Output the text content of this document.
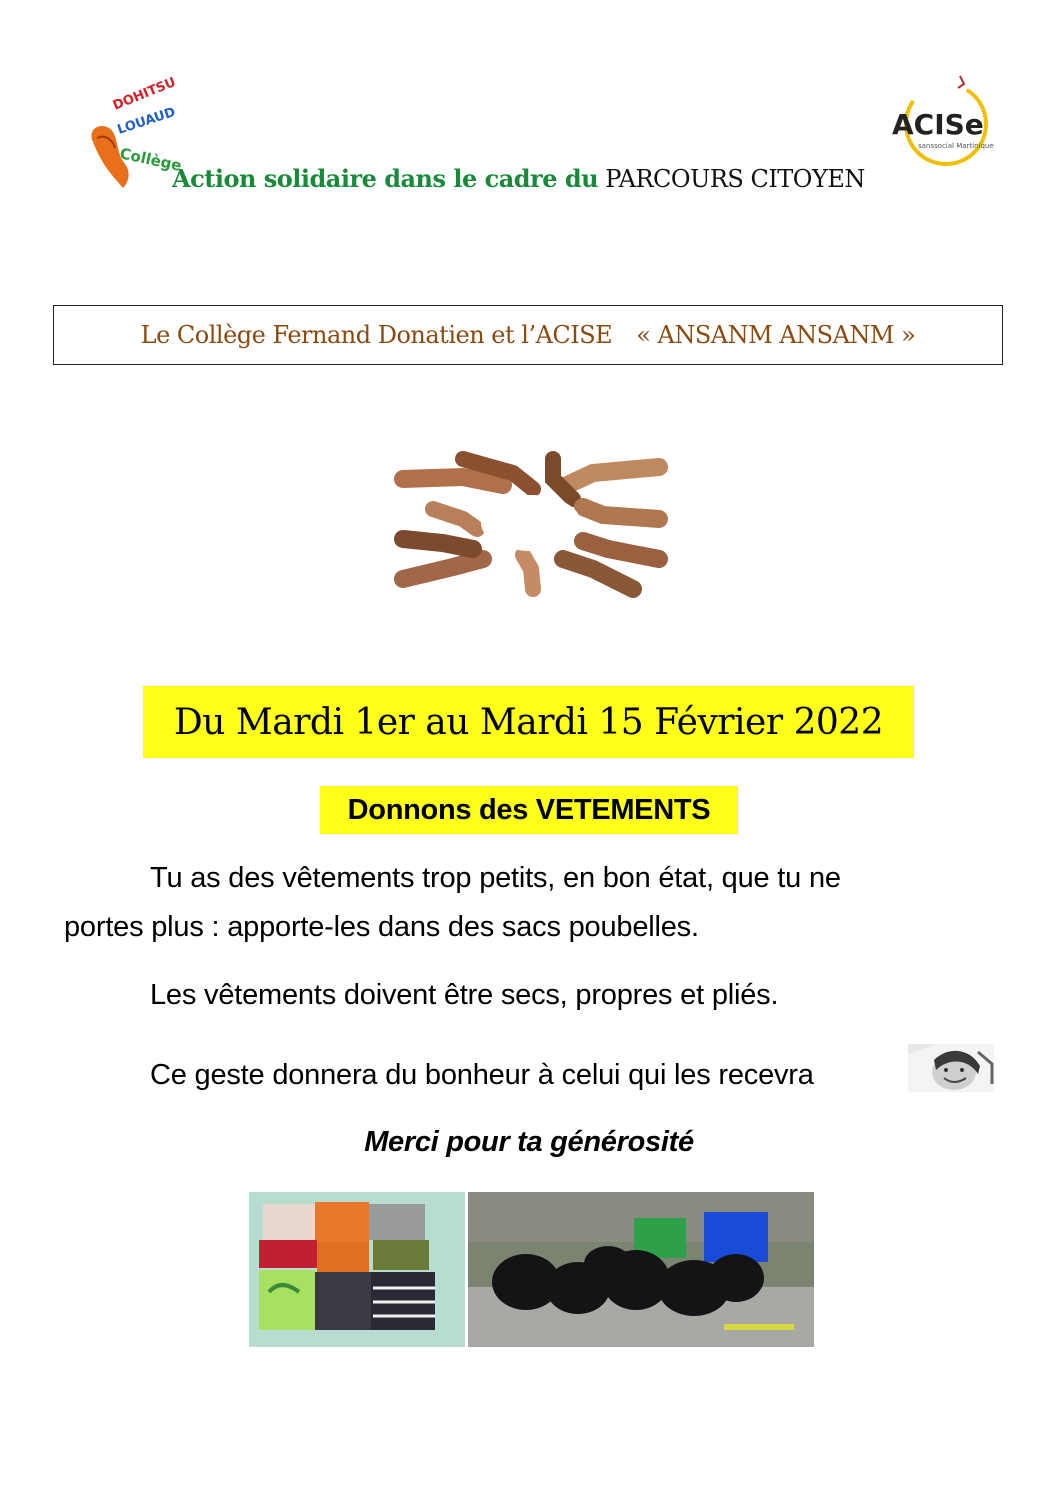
DOHITSU
LOUAUD
Collège
ACISe
sanssocial Martinique
Action solidaire dans le cadre du PARCOURS CITOYEN
Le Collège Fernand Donatien et l’ACISE « ANSANM ANSANM »
Du Mardi 1er au Mardi 15 Février 2022
Donnons des VETEMENTS
Tu as des vêtements trop petits, en bon état, que tu ne
portes plus : apporte-les dans des sacs poubelles.
Les vêtements doivent être secs, propres et pliés.
Ce geste donnera du bonheur à celui qui les recevra
Merci pour ta générosité
